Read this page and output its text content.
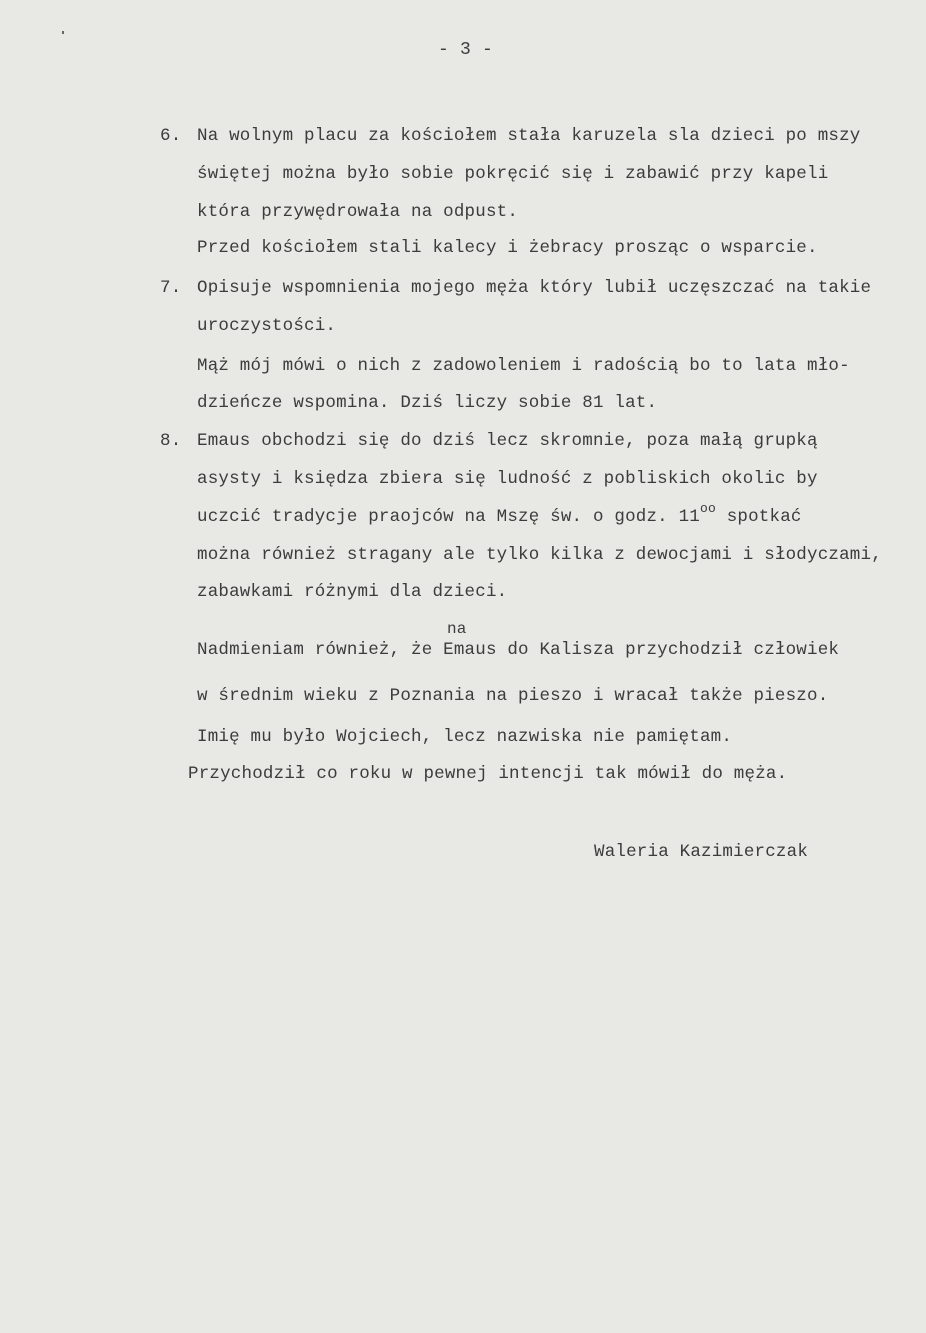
- 3 -
6. Na wolnym placu za kościołem stała karuzela sla dzieci po mszy
świętej można było sobie pokręcić się i zabawić przy kapeli
która przywędrowała na odpust.
Przed kościołem stali kalecy i żebracy prosząc o wsparcie.
7. Opisuje wspomnienia mojego męża który lubił uczęszczać na takie
uroczystości.
Mąż mój mówi o nich z zadowoleniem i radością bo to lata mło-
dzieńcze wspomina. Dziś liczy sobie 81 lat.
8. Emaus obchodzi się do dziś lecz skromnie, poza małą grupką
asysty i księdza zbiera się ludność z pobliskich okolic by
uczcić tradycje praojców na Mszę św. o godz. $11^{oo}$ spotkać
można również stragany ale tylko kilka z dewocjami i słodyczami,
zabawkami różnymi dla dzieci.
na
Nadmieniam również, że Emaus do Kalisza przychodził człowiek
w średnim wieku z Poznania na pieszo i wracał także pieszo.
Imię mu było Wojciech, lecz nazwiska nie pamiętam.
Przychodził co roku w pewnej intencji tak mówił do męża.
Waleria Kazimierczak
